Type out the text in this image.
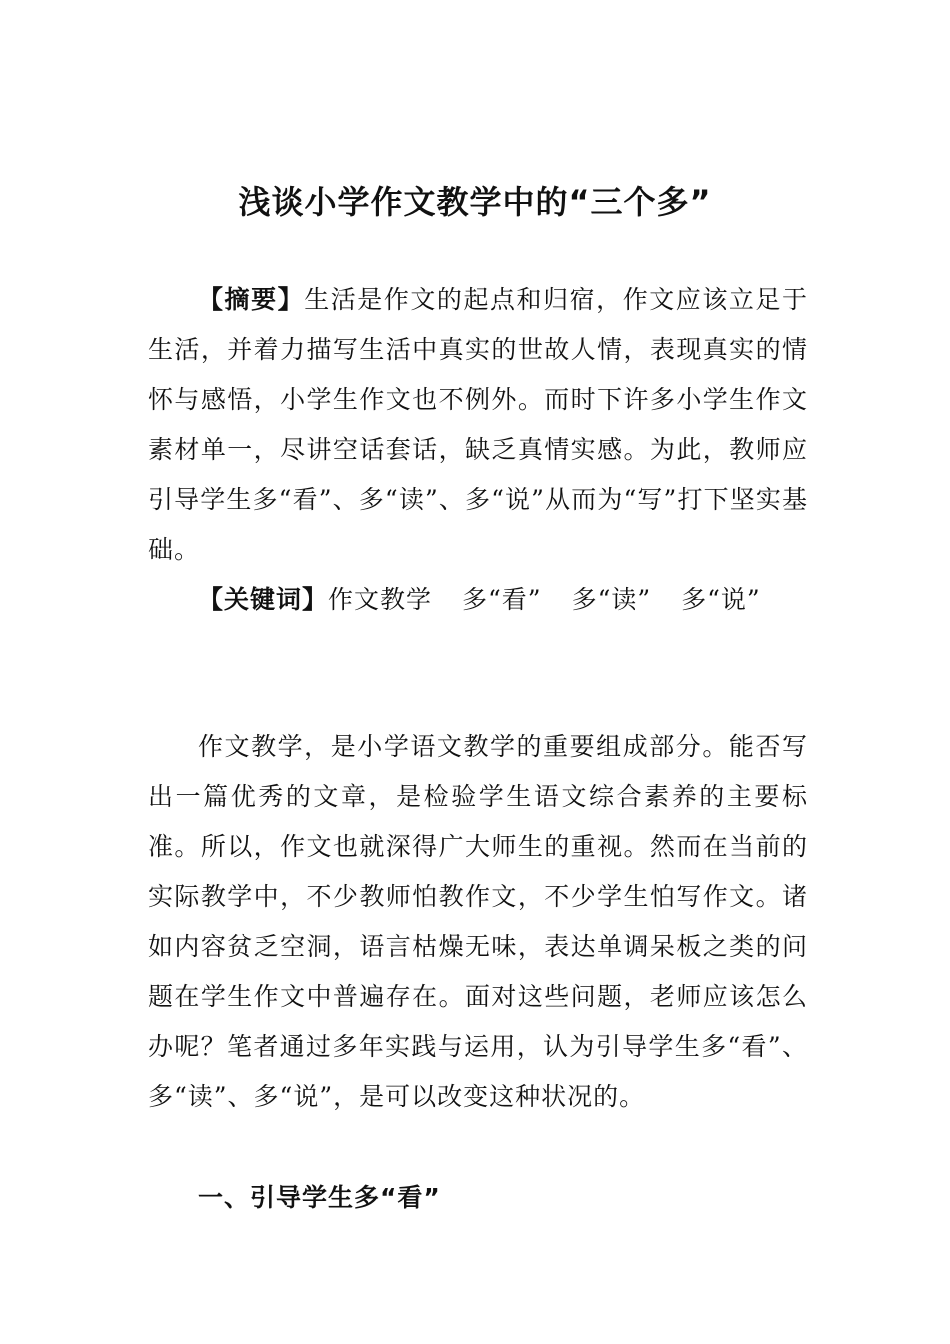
浅谈小学作文教学中的“三个多”
【摘要】生活是作文的起点和归宿，作文应该立足于生活，并着力描写生活中真实的世故人情，表现真实的情怀与感悟，小学生作文也不例外。而时下许多小学生作文素材单一，尽讲空话套话，缺乏真情实感。为此，教师应引导学生多“看”、多“读”、多“说”从而为“写”打下坚实基础。
【关键词】作文教学 多“看” 多“读” 多“说”
作文教学，是小学语文教学的重要组成部分。能否写出一篇优秀的文章，是检验学生语文综合素养的主要标准。所以，作文也就深得广大师生的重视。然而在当前的实际教学中，不少教师怕教作文，不少学生怕写作文。诸如内容贫乏空洞，语言枯燥无味，表达单调呆板之类的问题在学生作文中普遍存在。面对这些问题，老师应该怎么办呢？笔者通过多年实践与运用，认为引导学生多“看”、多“读”、多“说”，是可以改变这种状况的。
一、引导学生多“看”
